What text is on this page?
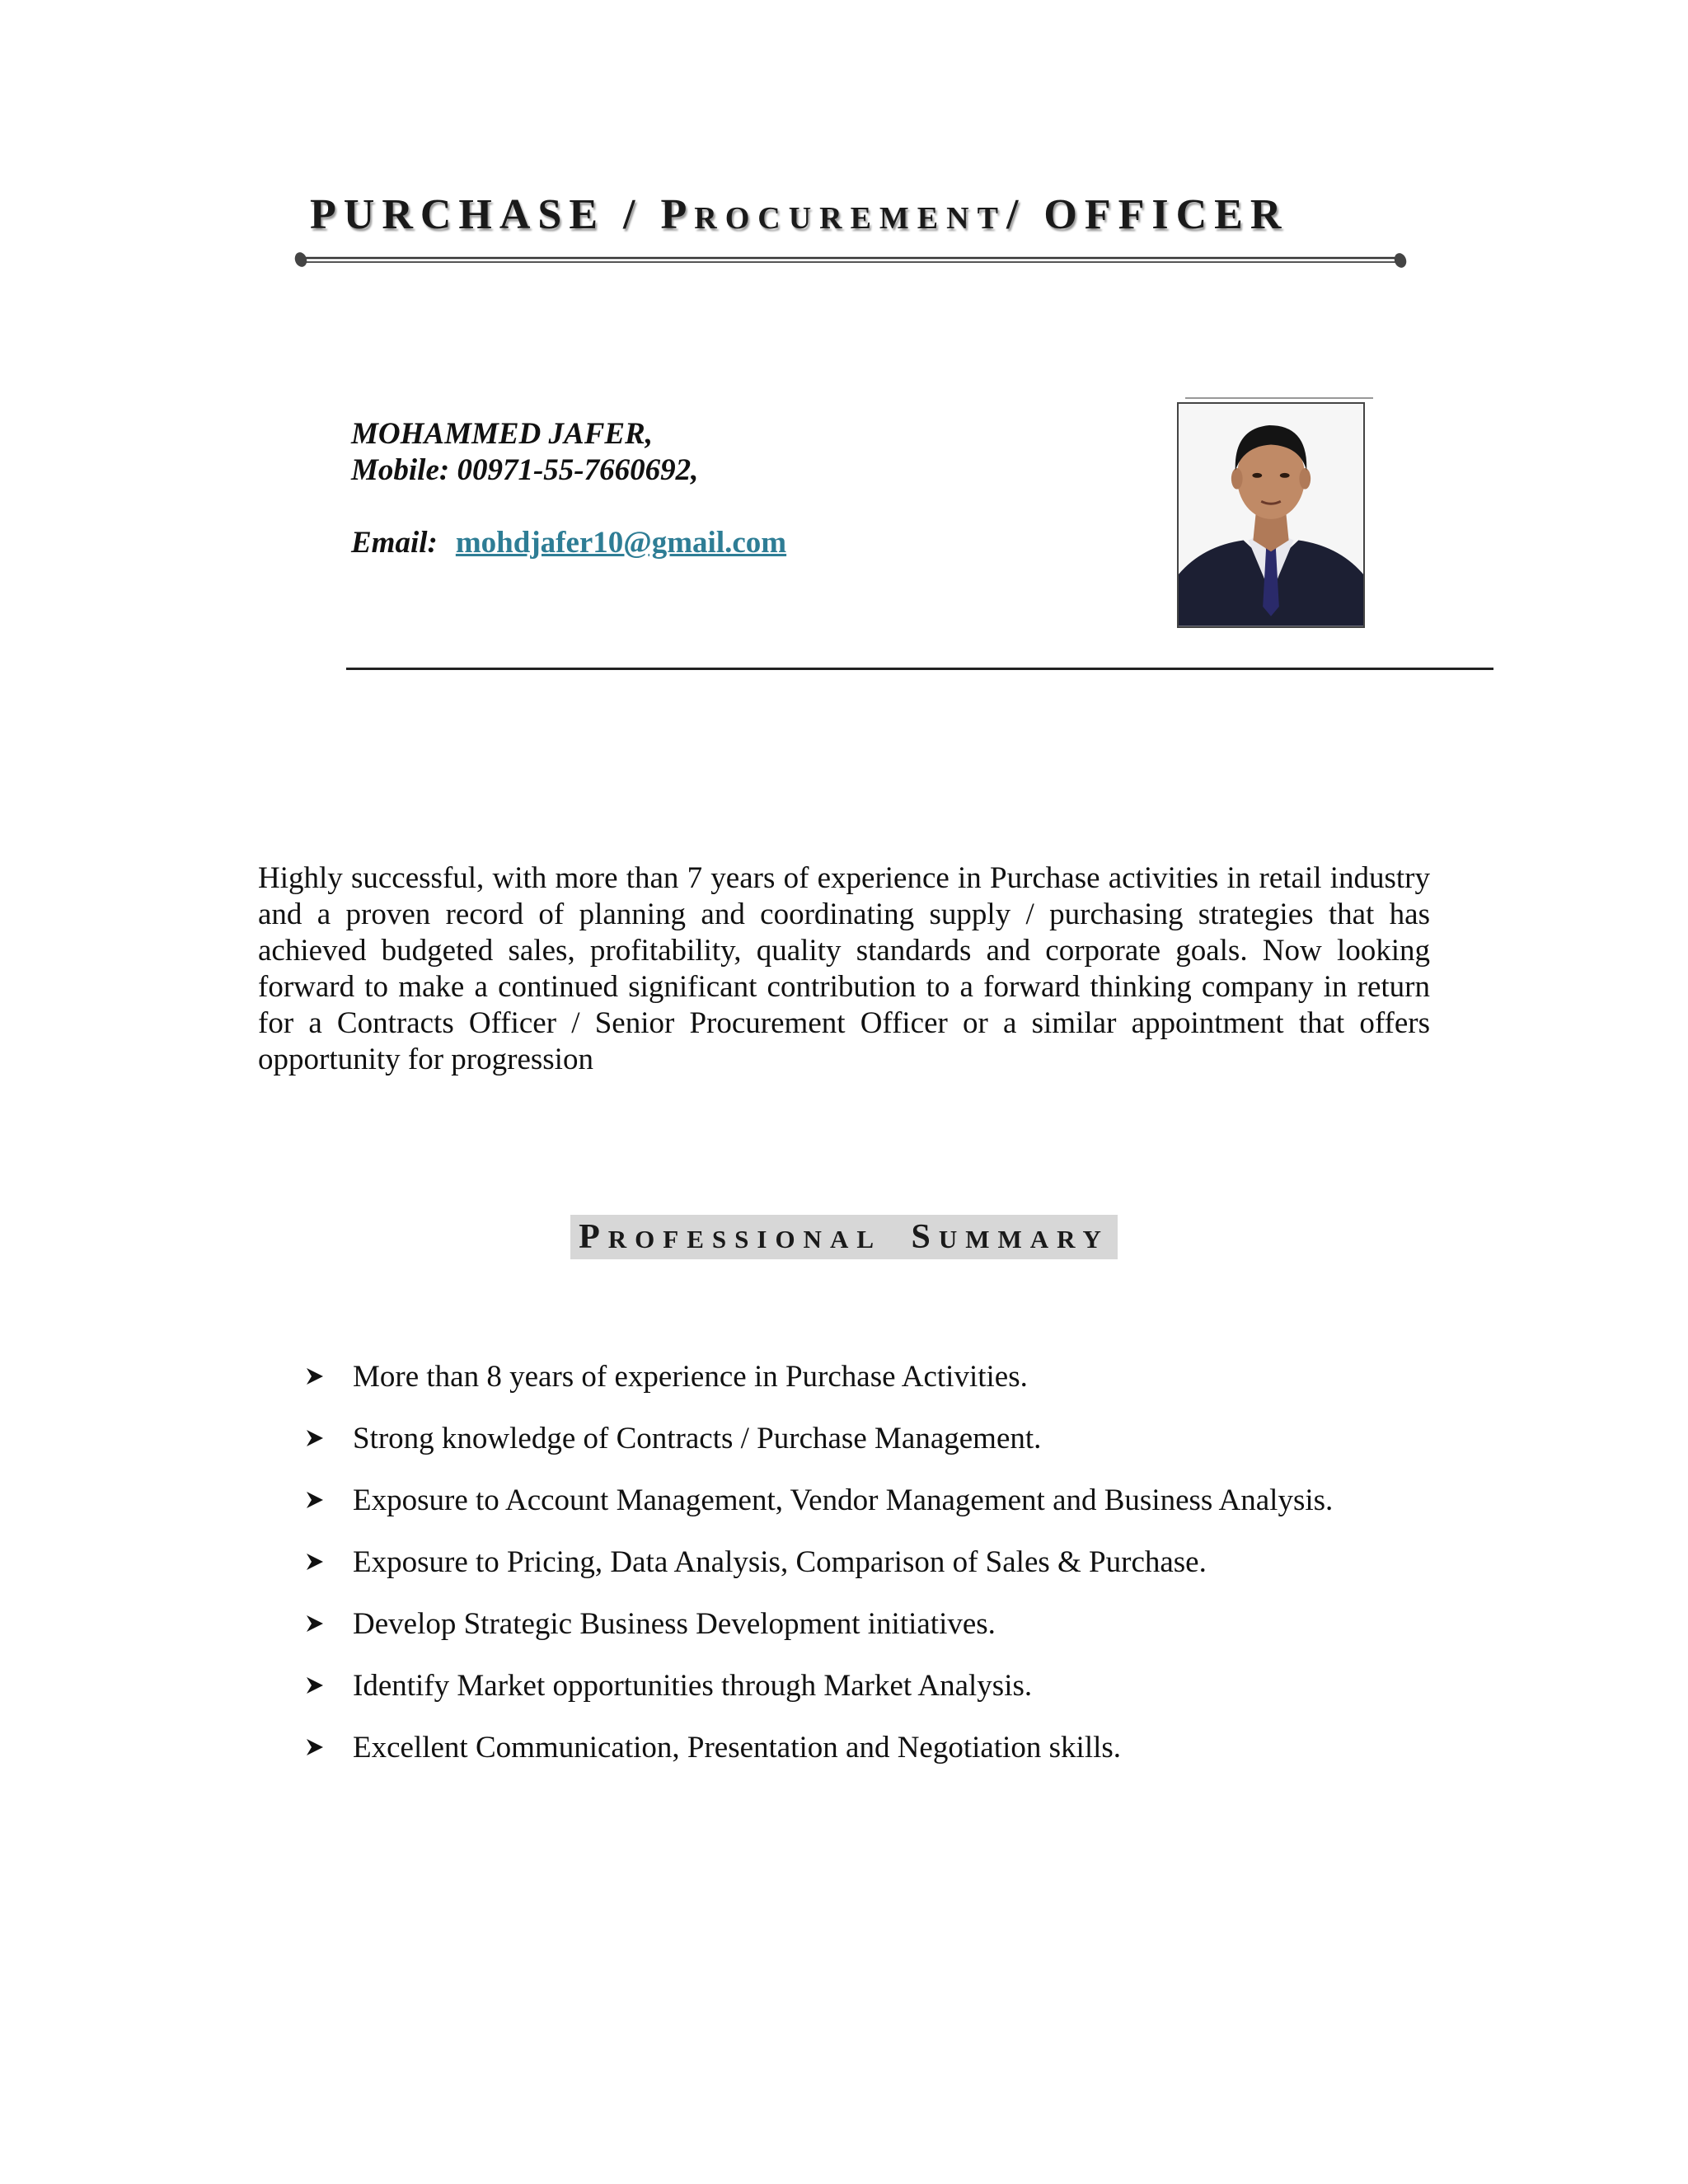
PURCHASE / PROCUREMENT/ OFFICER
MOHAMMED JAFER,
Mobile: 00971-55-7660692,
Email: mohdjafer10@gmail.com

Highly successful, with more than 7 years of experience in Purchase activities in retail industry and a proven record of planning and coordinating supply / purchasing strategies that has achieved budgeted sales, profitability, quality standards and corporate goals. Now looking forward to make a continued significant contribution to a forward thinking company in return for a Contracts Officer / Senior Procurement Officer or a similar appointment that offers opportunity for progression

PROFESSIONAL SUMMARY
More than 8 years of experience in Purchase Activities.
Strong knowledge of Contracts / Purchase Management.
Exposure to Account Management, Vendor Management and Business Analysis.
Exposure to Pricing, Data Analysis, Comparison of Sales & Purchase.
Develop Strategic Business Development initiatives.
Identify Market opportunities through Market Analysis.
Excellent Communication, Presentation and Negotiation skills.
